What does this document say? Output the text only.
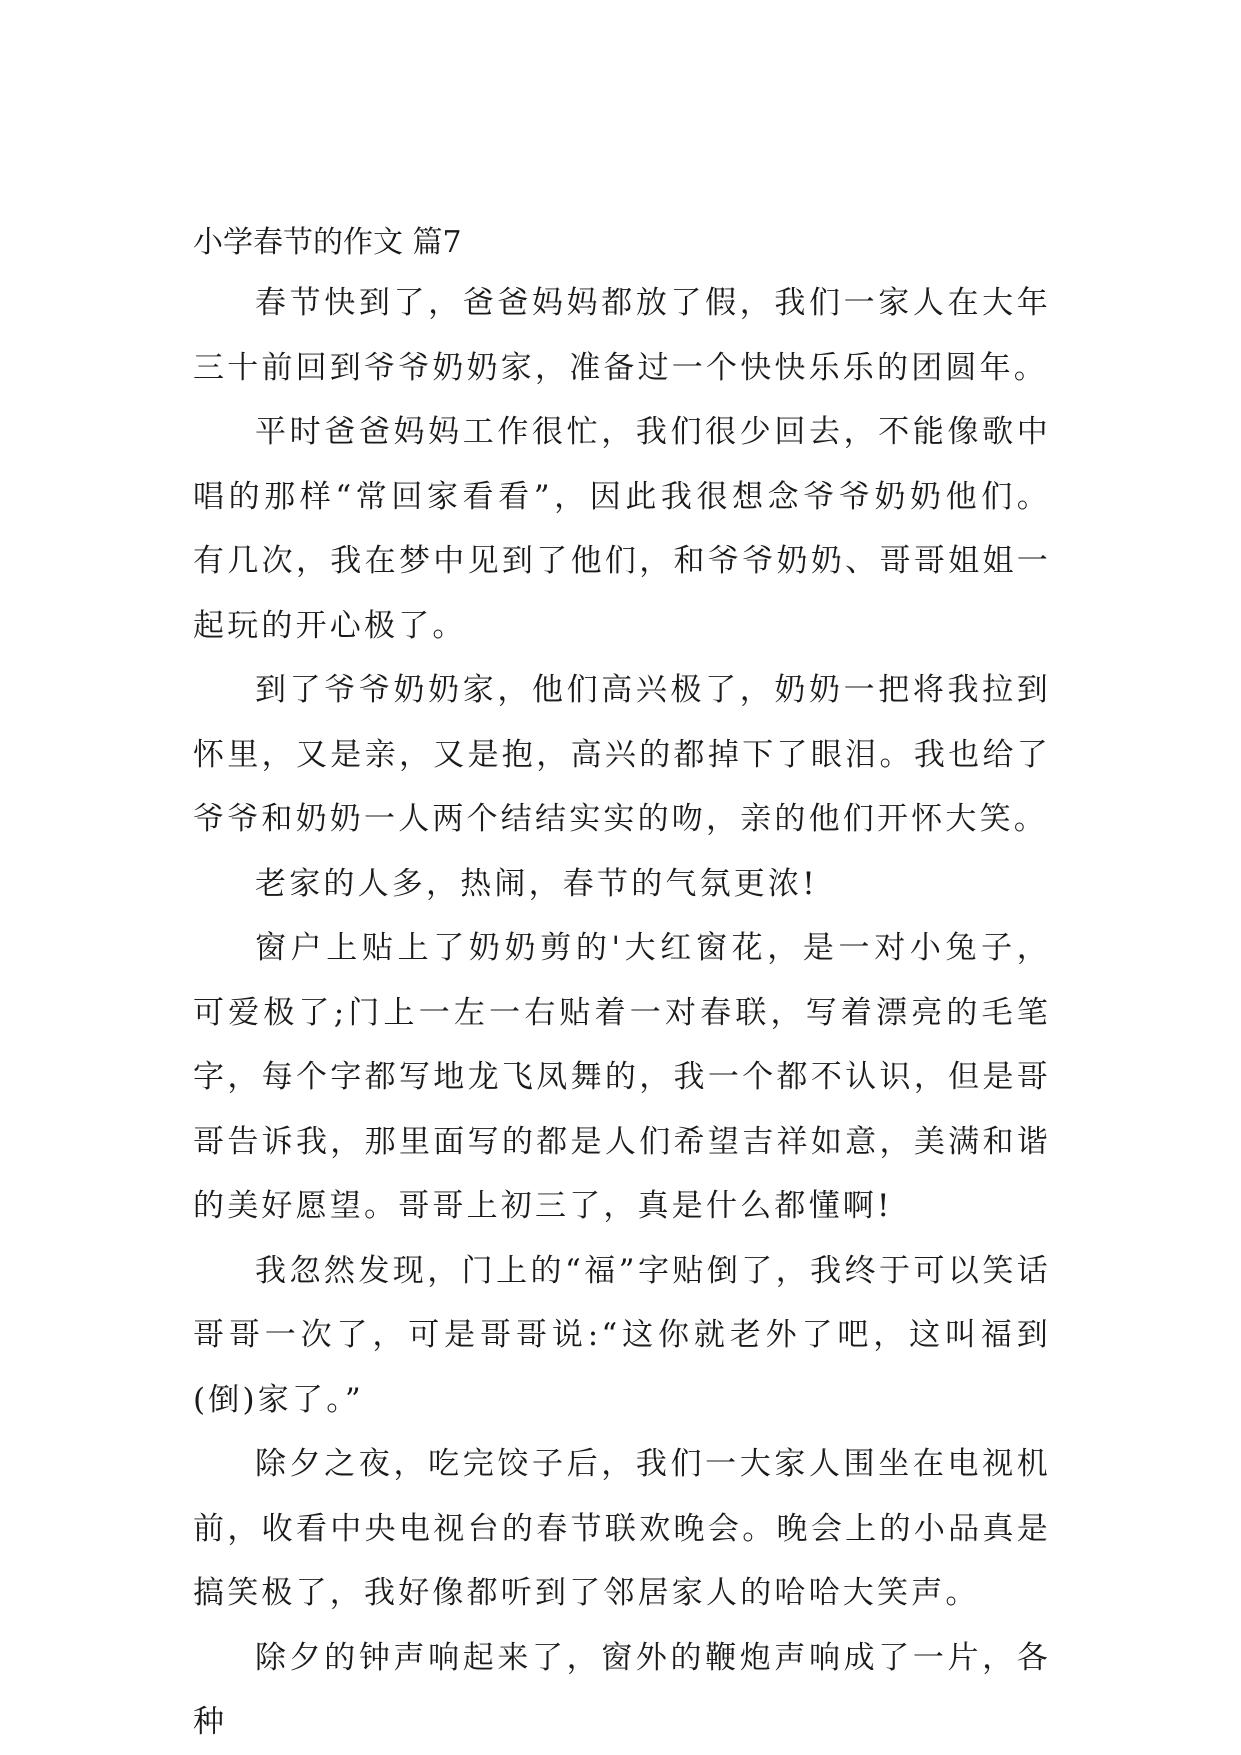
小学春节的作文 篇7

春节快到了，爸爸妈妈都放了假，我们一家人在大年三十前回到爷爷奶奶家，准备过一个快快乐乐的团圆年。

平时爸爸妈妈工作很忙，我们很少回去，不能像歌中唱的那样“常回家看看”，因此我很想念爷爷奶奶他们。有几次，我在梦中见到了他们，和爷爷奶奶、哥哥姐姐一起玩的开心极了。

到了爷爷奶奶家，他们高兴极了，奶奶一把将我拉到怀里，又是亲，又是抱，高兴的都掉下了眼泪。我也给了爷爷和奶奶一人两个结结实实的吻，亲的他们开怀大笑。

老家的人多，热闹，春节的气氛更浓!

窗户上贴上了奶奶剪的'大红窗花，是一对小兔子，可爱极了;门上一左一右贴着一对春联，写着漂亮的毛笔字，每个字都写地龙飞凤舞的，我一个都不认识，但是哥哥告诉我，那里面写的都是人们希望吉祥如意，美满和谐的美好愿望。哥哥上初三了，真是什么都懂啊!

我忽然发现，门上的“福”字贴倒了，我终于可以笑话哥哥一次了，可是哥哥说:“这你就老外了吧，这叫福到(倒)家了。”

除夕之夜，吃完饺子后，我们一大家人围坐在电视机前，收看中央电视台的春节联欢晚会。晚会上的小品真是搞笑极了，我好像都听到了邻居家人的哈哈大笑声。

除夕的钟声响起来了，窗外的鞭炮声响成了一片，各种
